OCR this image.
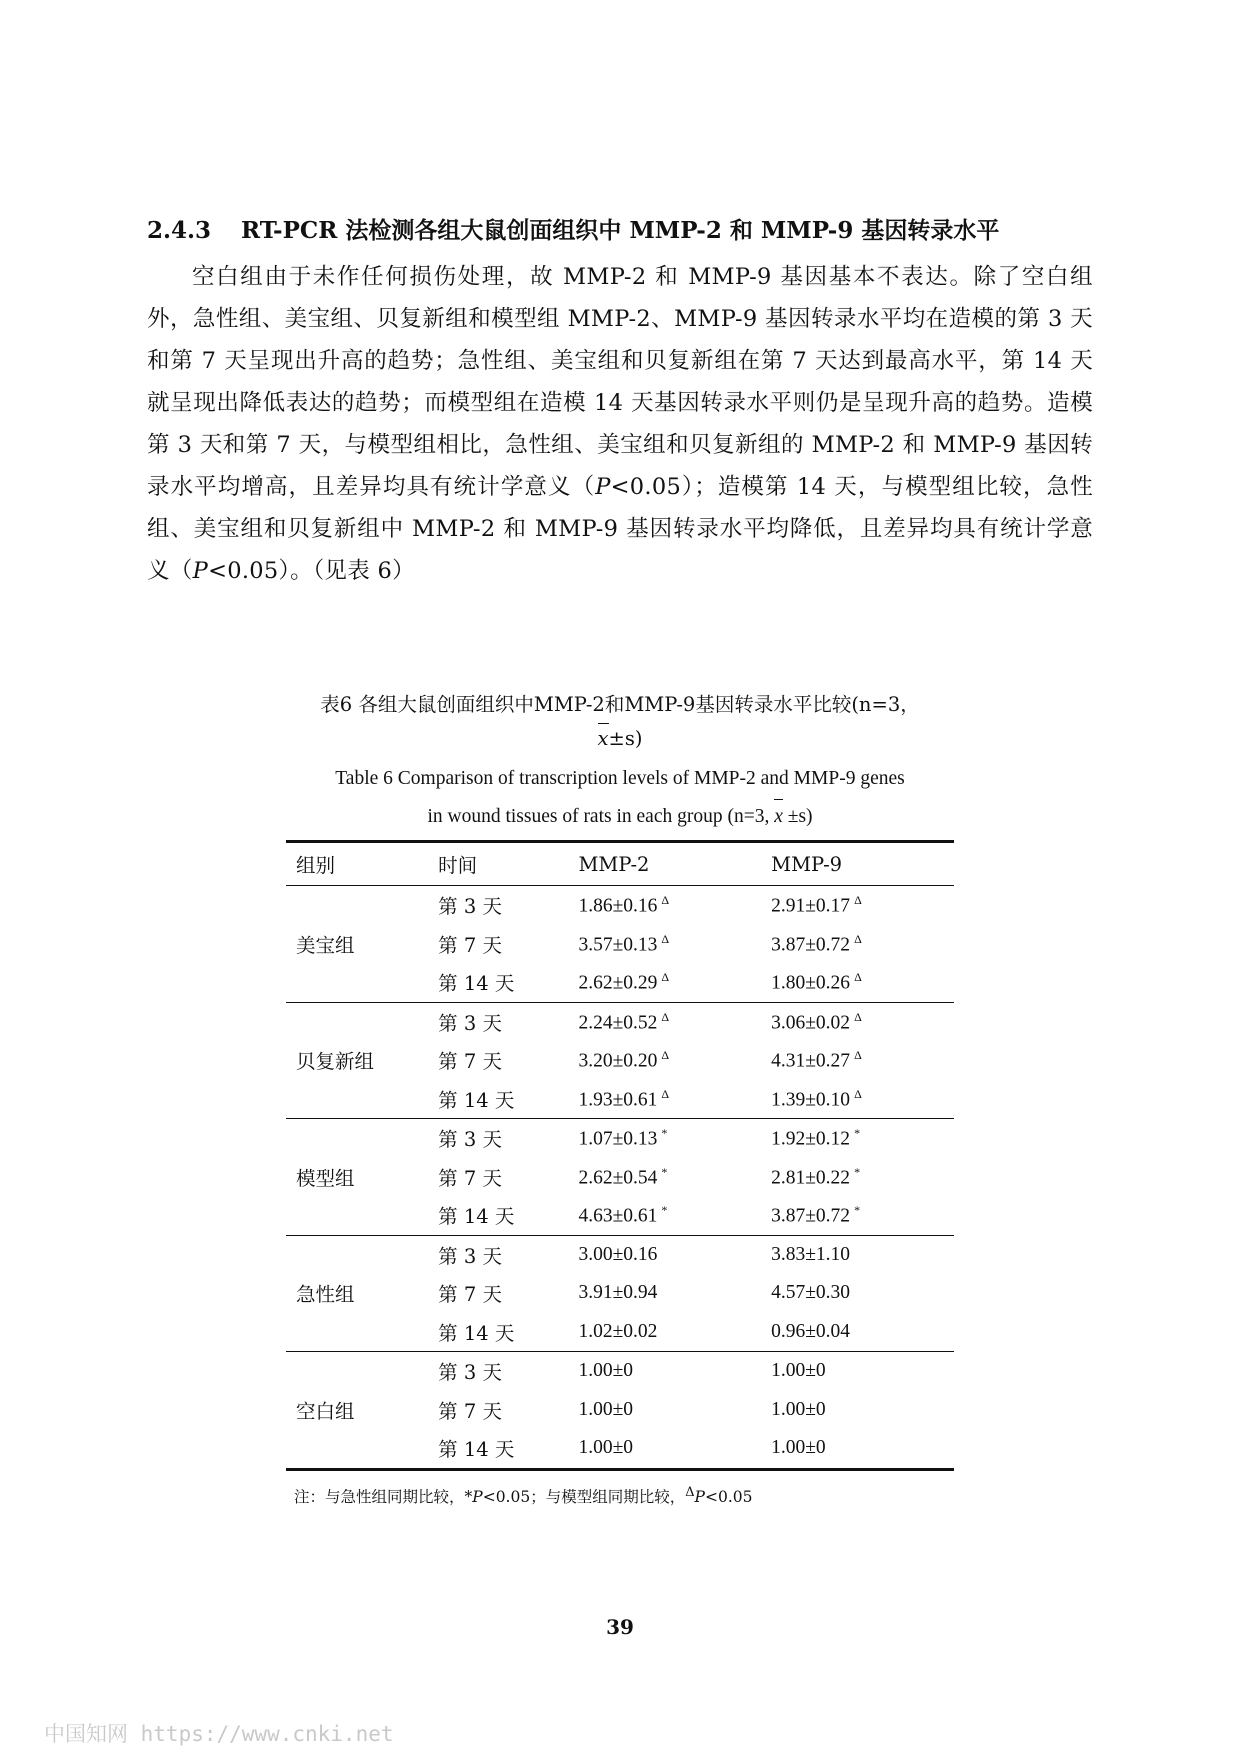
2.4.3 RT-PCR 法检测各组大鼠创面组织中 MMP-2 和 MMP-9 基因转录水平

空白组由于未作任何损伤处理，故 MMP-2 和 MMP-9 基因基本不表达。除了空白组外，急性组、美宝组、贝复新组和模型组 MMP-2、MMP-9 基因转录水平均在造模的第 3 天和第 7 天呈现出升高的趋势；急性组、美宝组和贝复新组在第 7 天达到最高水平，第 14 天就呈现出降低表达的趋势；而模型组在造模 14 天基因转录水平则仍是呈现升高的趋势。造模第 3 天和第 7 天，与模型组相比，急性组、美宝组和贝复新组的 MMP-2 和 MMP-9 基因转录水平均增高，且差异均具有统计学意义（P<0.05）；造模第 14 天，与模型组比较，急性组、美宝组和贝复新组中 MMP-2 和 MMP-9 基因转录水平均降低，且差异均具有统计学意义（P<0.05）。（见表 6）

表6 各组大鼠创面组织中MMP-2和MMP-9基因转录水平比较(n=3，
x±s)
Table 6 Comparison of transcription levels of MMP-2 and MMP-9 genes
in wound tissues of rats in each group (n=3, x ±s)
组别	时间	MMP-2	MMP-9
美宝组	第 3 天	1.86±0.16 $^\Delta$	2.91±0.17 $^\Delta$
	第 7 天	3.57±0.13 $^\Delta$	3.87±0.72 $^\Delta$
	第 14 天	2.62±0.29 $^\Delta$	1.80±0.26 $^\Delta$
贝复新组	第 3 天	2.24±0.52 $^\Delta$	3.06±0.02 $^\Delta$
	第 7 天	3.20±0.20 $^\Delta$	4.31±0.27 $^\Delta$
	第 14 天	1.93±0.61 $^\Delta$	1.39±0.10 $^\Delta$
模型组	第 3 天	1.07±0.13 *	1.92±0.12 *
	第 7 天	2.62±0.54 *	2.81±0.22 *
	第 14 天	4.63±0.61 *	3.87±0.72 *
急性组	第 3 天	3.00±0.16	3.83±1.10
	第 7 天	3.91±0.94	4.57±0.30
	第 14 天	1.02±0.02	0.96±0.04
空白组	第 3 天	1.00±0	1.00±0
	第 7 天	1.00±0	1.00±0
	第 14 天	1.00±0	1.00±0
注：与急性组同期比较，*P<0.05；与模型组同期比较，$^\Delta$P<0.05
39
中国知网 https://www.cnki.net
